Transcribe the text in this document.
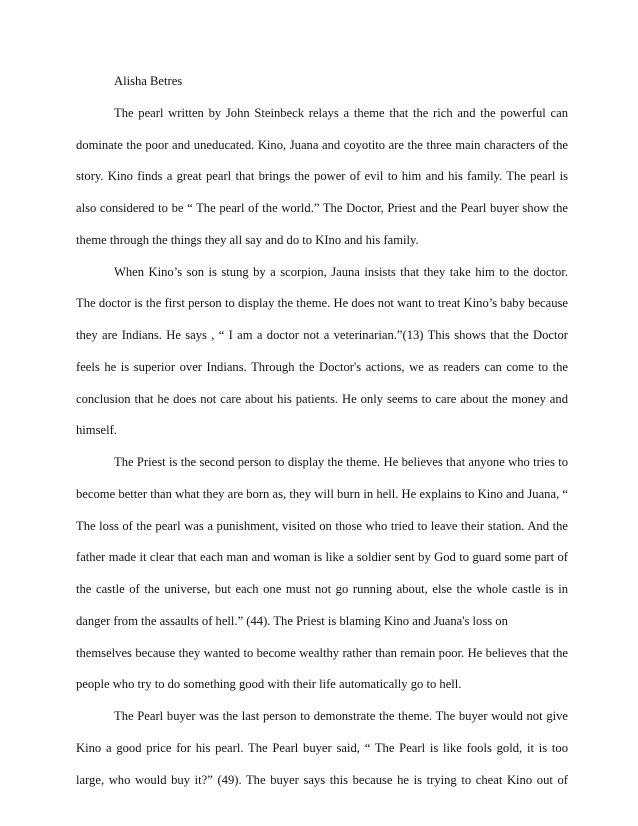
Alisha Betres
The pearl written by John Steinbeck relays a theme that the rich and the powerful can
dominate the poor and uneducated. Kino, Juana and coyotito are the three main characters of the
story. Kino finds a great pearl that brings the power of evil to him and his family. The pearl is
also considered to be “ The pearl of the world.” The Doctor, Priest and the Pearl buyer show the
theme through the things they all say and do to KIno and his family.
When Kino’s son is stung by a scorpion, Jauna insists that they take him to the doctor.
The doctor is the first person to display the theme. He does not want to treat Kino’s baby because
they are Indians. He says , “ I am a doctor not a veterinarian.”(13) This shows that the Doctor
feels he is superior over Indians. Through the Doctor's actions, we as readers can come to the
conclusion that he does not care about his patients. He only seems to care about the money and
himself.
The Priest is the second person to display the theme. He believes that anyone who tries to
become better than what they are born as, they will burn in hell. He explains to Kino and Juana, “
The loss of the pearl was a punishment, visited on those who tried to leave their station. And the
father made it clear that each man and woman is like a soldier sent by God to guard some part of
the castle of the universe, but each one must not go running about, else the whole castle is in
danger from the assaults of hell.” (44). The Priest is blaming Kino and Juana's loss on
themselves because they wanted to become wealthy rather than remain poor. He believes that the
people who try to do something good with their life automatically go to hell.
The Pearl buyer was the last person to demonstrate the theme. The buyer would not give
Kino a good price for his pearl. The Pearl buyer said, “ The Pearl is like fools gold, it is too
large, who would buy it?” (49). The buyer says this because he is trying to cheat Kino out of
